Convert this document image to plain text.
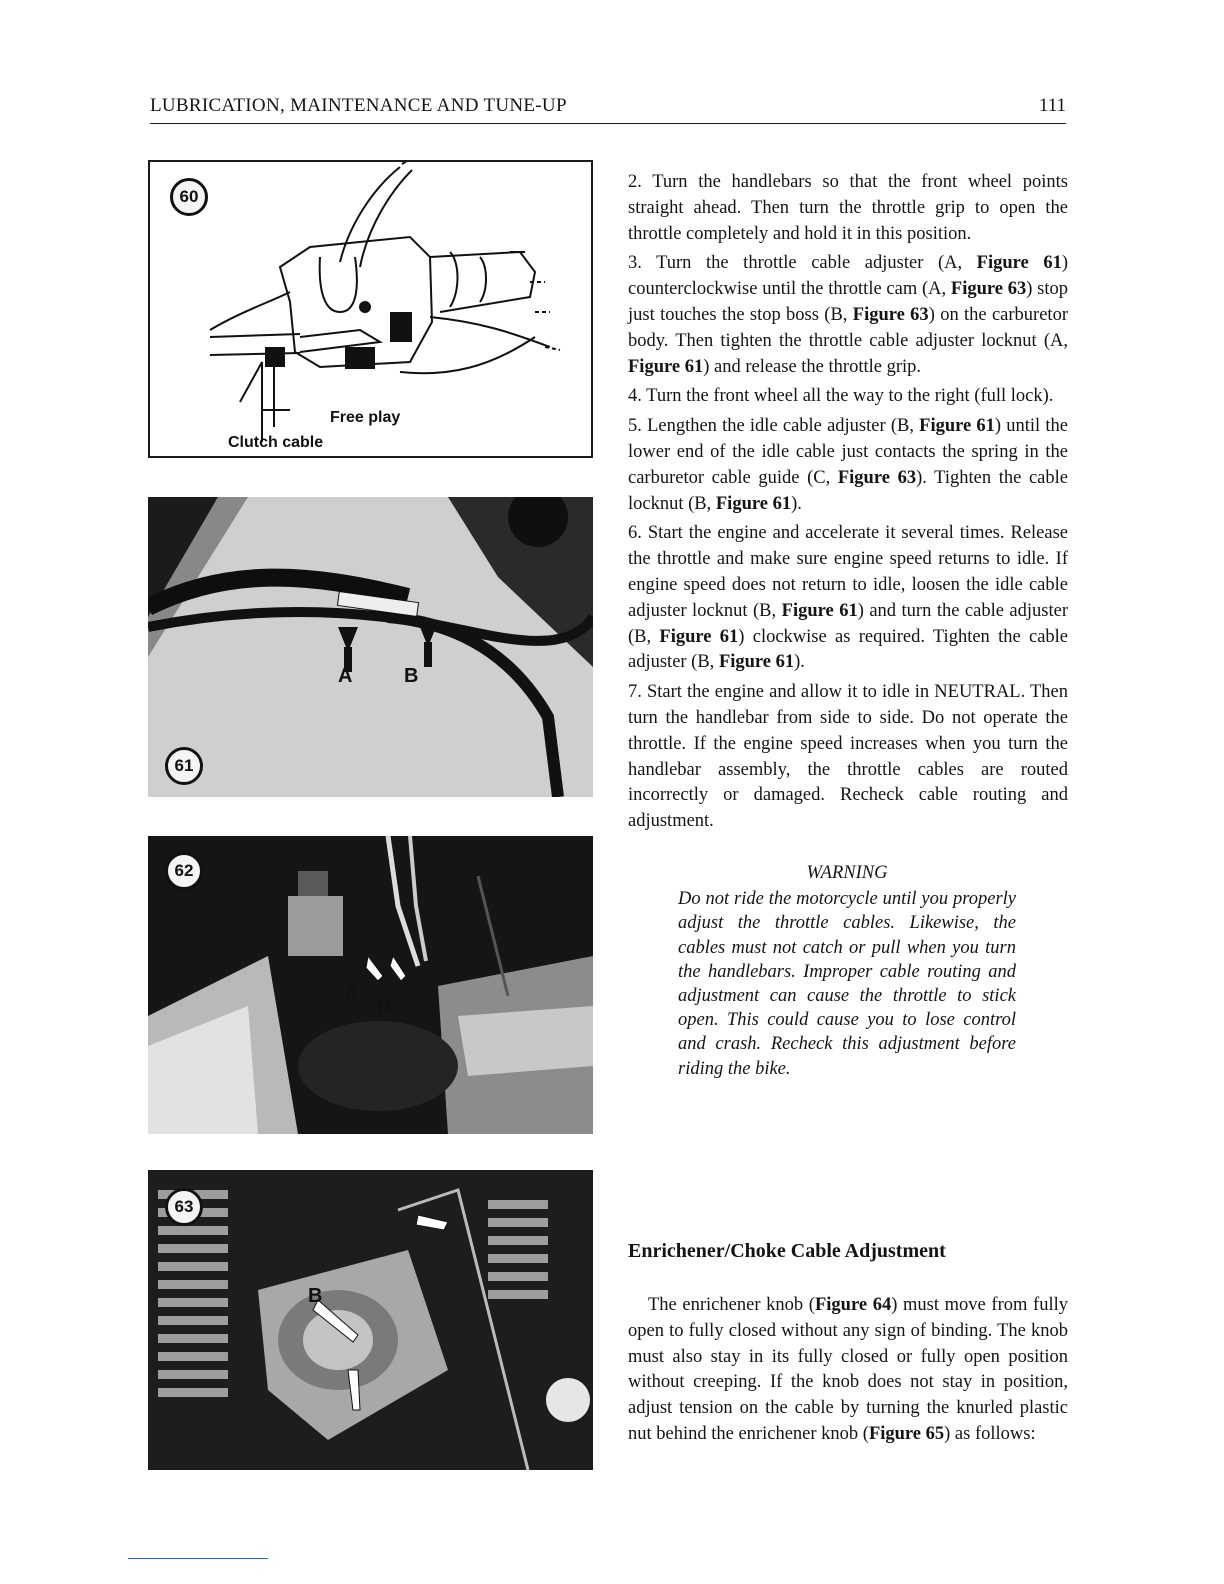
LUBRICATION, MAINTENANCE AND TUNE-UP	111
60
Free play
Clutch cable
A	B
61
A
B
62
B
63

2. Turn the handlebars so that the front wheel points straight ahead. Then turn the throttle grip to open the throttle completely and hold it in this position.

3. Turn the throttle cable adjuster (A, Figure 61) counterclockwise until the throttle cam (A, Figure 63) stop just touches the stop boss (B, Figure 63) on the carburetor body. Then tighten the throttle cable adjuster locknut (A, Figure 61) and release the throttle grip.

4. Turn the front wheel all the way to the right (full lock).

5. Lengthen the idle cable adjuster (B, Figure 61) until the lower end of the idle cable just contacts the spring in the carburetor cable guide (C, Figure 63). Tighten the cable locknut (B, Figure 61).

6. Start the engine and accelerate it several times. Release the throttle and make sure engine speed returns to idle. If engine speed does not return to idle, loosen the idle cable adjuster locknut (B, Figure 61) and turn the cable adjuster (B, Figure 61) clockwise as required. Tighten the cable adjuster (B, Figure 61).

7. Start the engine and allow it to idle in NEUTRAL. Then turn the handlebar from side to side. Do not operate the throttle. If the engine speed increases when you turn the handlebar assembly, the throttle cables are routed incorrectly or damaged. Recheck cable routing and adjustment.

WARNING
Do not ride the motorcycle until you properly adjust the throttle cables. Likewise, the cables must not catch or pull when you turn the handlebars. Improper cable routing and adjustment can cause the throttle to stick open. This could cause you to lose control and crash. Recheck this adjustment before riding the bike.
Enrichener/Choke Cable Adjustment

The enrichener knob (Figure 64) must move from fully open to fully closed without any sign of binding. The knob must also stay in its fully closed or fully open position without creeping. If the knob does not stay in position, adjust tension on the cable by turning the knurled plastic nut behind the enrichener knob (Figure 65) as follows:
